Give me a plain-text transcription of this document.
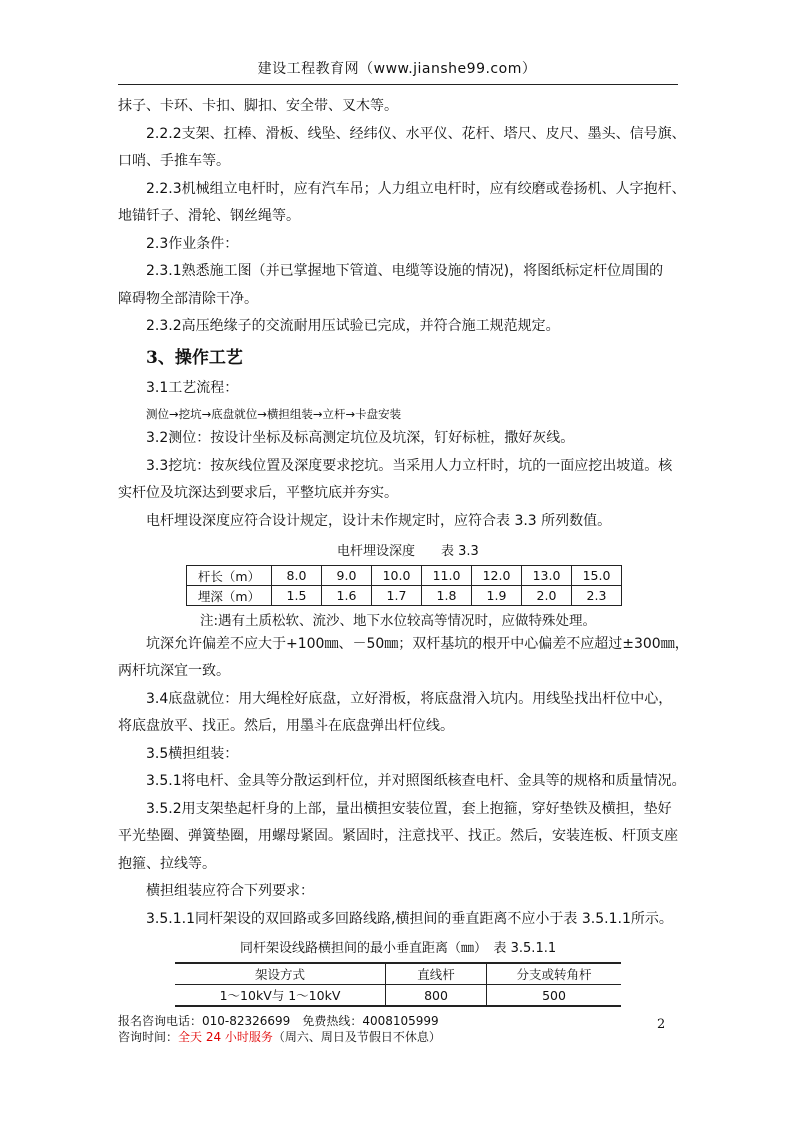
建设工程教育网（www.jianshe99.com）
抹子、卡环、卡扣、脚扣、安全带、叉木等。
2.2.2支架、扛棒、滑板、线坠、经纬仪、水平仪、花杆、塔尺、皮尺、墨头、信号旗、
口哨、手推车等。
2.2.3机械组立电杆时，应有汽车吊；人力组立电杆时，应有绞磨或卷扬机、人字抱杆、
地锚钎子、滑轮、钢丝绳等。
2.3作业条件：
2.3.1熟悉施工图（并已掌握地下管道、电缆等设施的情况)，将图纸标定杆位周围的
障碍物全部清除干净。
2.3.2高压绝缘子的交流耐用压试验已完成，并符合施工规范规定。
3、操作工艺
3.1工艺流程：
测位→挖坑→底盘就位→横担组装→立杆→卡盘安装
3.2测位：按设计坐标及标高测定坑位及坑深，钉好标桩，撒好灰线。
3.3挖坑：按灰线位置及深度要求挖坑。当采用人力立杆时，坑的一面应挖出坡道。核
实杆位及坑深达到要求后，平整坑底并夯实。
电杆埋设深度应符合设计规定，设计未作规定时，应符合表 3.3 所列数值。
电杆埋设深度　　表 3.3
杆长（m）	8.0	9.0	10.0	11.0	12.0	13.0	15.0
埋深（m）	1.5	1.6	1.7	1.8	1.9	2.0	2.3
注:遇有土质松软、流沙、地下水位较高等情况时，应做特殊处理。
坑深允许偏差不应大于+100㎜、－50㎜；双杆基坑的根开中心偏差不应超过±300㎜，
两杆坑深宜一致。
3.4底盘就位：用大绳栓好底盘，立好滑板，将底盘滑入坑内。用线坠找出杆位中心，
将底盘放平、找正。然后，用墨斗在底盘弹出杆位线。
3.5横担组装：
3.5.1将电杆、金具等分散运到杆位，并对照图纸核查电杆、金具等的规格和质量情况。
3.5.2用支架垫起杆身的上部，量出横担安装位置，套上抱箍，穿好垫铁及横担，垫好
平光垫圈、弹簧垫圈，用螺母紧固。紧固时，注意找平、找正。然后，安装连板、杆顶支座
抱箍、拉线等。
横担组装应符合下列要求：
3.5.1.1同杆架设的双回路或多回路线路,横担间的垂直距离不应小于表 3.5.1.1所示。
同杆架设线路横担间的最小垂直距离（㎜）　表 3.5.1.1
架设方式	直线杆	分支或转角杆
1～10kV与 1～10kV	800	500
报名咨询电话：010-82326699　免费热线：4008105999
咨询时间：全天 24 小时服务（周六、周日及节假日不休息）
2
